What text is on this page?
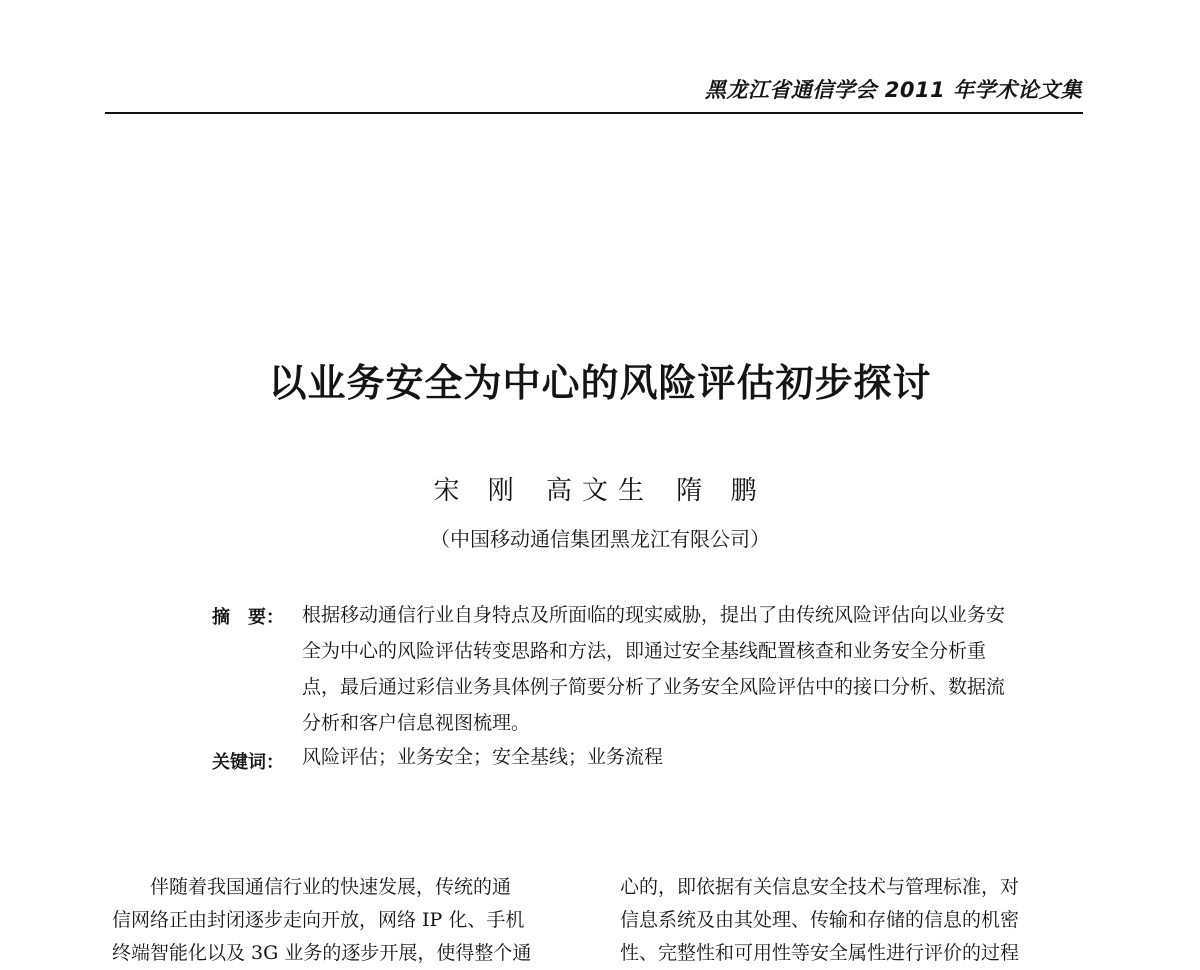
黑龙江省通信学会 2011 年学术论文集
以业务安全为中心的风险评估初步探讨
宋 刚 高文生 隋 鹏
（中国移动通信集团黑龙江有限公司）
摘　要： 根据移动通信行业自身特点及所面临的现实威胁，提出了由传统风险评估向以业务安全为中心的风险评估转变思路和方法，即通过安全基线配置核查和业务安全分析重点，最后通过彩信业务具体例子简要分析了业务安全风险评估中的接口分析、数据流分析和客户信息视图梳理。
关键词： 风险评估；业务安全；安全基线；业务流程
伴随着我国通信行业的快速发展，传统的通
信网络正由封闭逐步走向开放，网络 IP 化、手机
终端智能化以及 3G 业务的逐步开展，使得整个通
心的，即依据有关信息安全技术与管理标准，对
信息系统及由其处理、传输和存储的信息的机密
性、完整性和可用性等安全属性进行评价的过程
